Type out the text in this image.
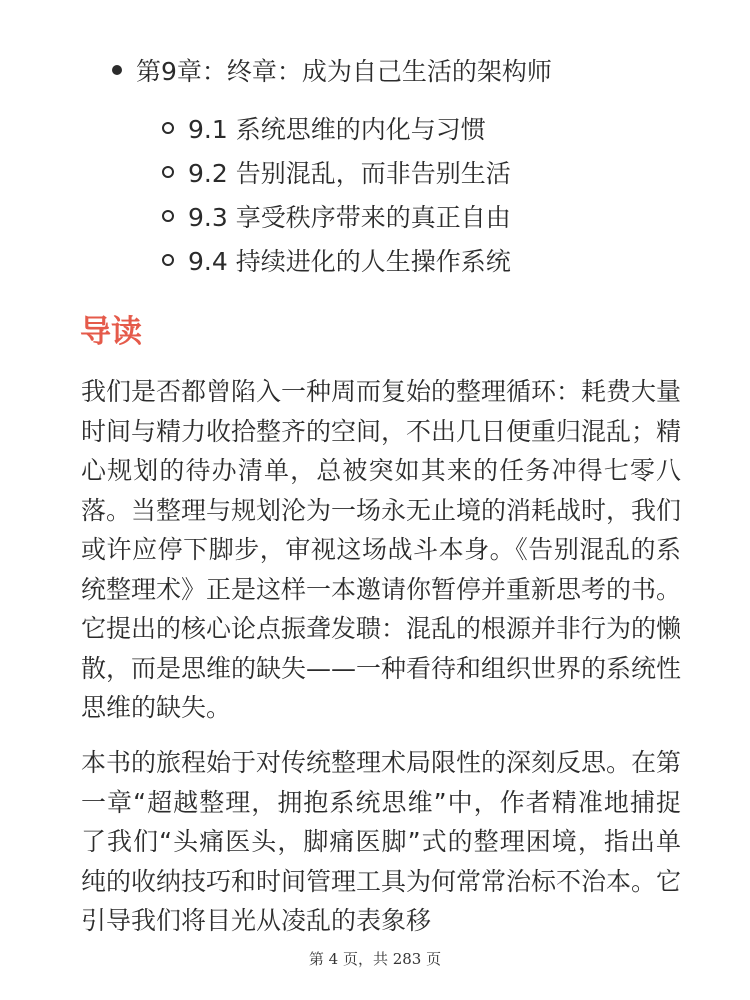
第9章：终章：成为自己生活的架构师
9.1 系统思维的内化与习惯
9.2 告别混乱，而非告别生活
9.3 享受秩序带来的真正自由
9.4 持续进化的人生操作系统
导读

我们是否都曾陷入一种周而复始的整理循环：耗费大量时间与精力收拾整齐的空间，不出几日便重归混乱；精心规划的待办清单，总被突如其来的任务冲得七零八落。当整理与规划沦为一场永无止境的消耗战时，我们或许应停下脚步，审视这场战斗本身。《告别混乱的系统整理术》正是这样一本邀请你暂停并重新思考的书。它提出的核心论点振聋发聩：混乱的根源并非行为的懒散，而是思维的缺失——一种看待和组织世界的系统性思维的缺失。

本书的旅程始于对传统整理术局限性的深刻反思。在第一章“超越整理，拥抱系统思维”中，作者精准地捕捉了我们“头痛医头，脚痛医脚”式的整理困境，指出单纯的收纳技巧和时间管理工具为何常常治标不治本。它引导我们将目光从凌乱的表象移

第 4 页，共 283 页
